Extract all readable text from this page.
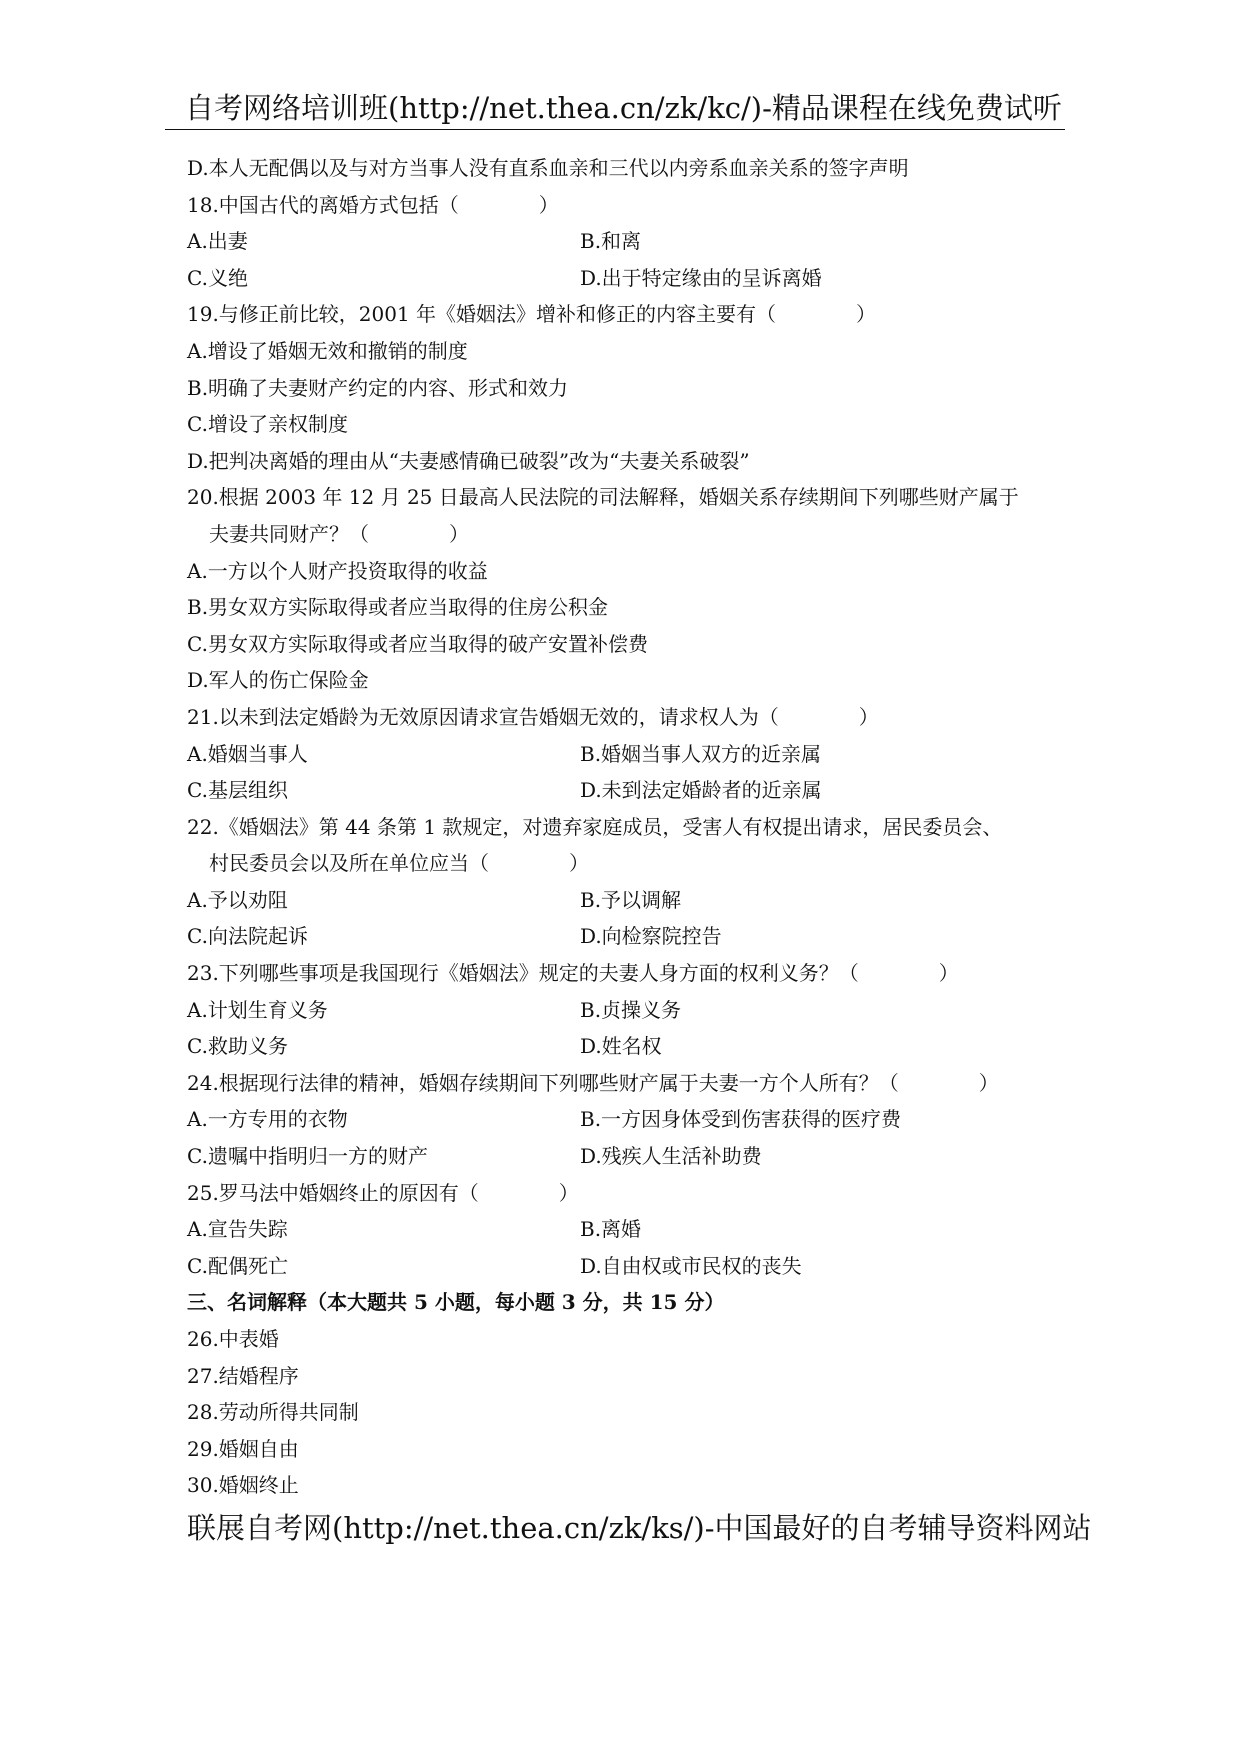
自考网络培训班(http://net.thea.cn/zk/kc/)-精品课程在线免费试听
D.本人无配偶以及与对方当事人没有直系血亲和三代以内旁系血亲关系的签字声明
18.中国古代的离婚方式包括（　　　　）
A.出妻	B.和离
C.义绝	D.出于特定缘由的呈诉离婚
19.与修正前比较，2001 年《婚姻法》增补和修正的内容主要有（　　　　）
A.增设了婚姻无效和撤销的制度
B.明确了夫妻财产约定的内容、形式和效力
C.增设了亲权制度
D.把判决离婚的理由从“夫妻感情确已破裂”改为“夫妻关系破裂”
20.根据 2003 年 12 月 25 日最高人民法院的司法解释，婚姻关系存续期间下列哪些财产属于
夫妻共同财产？（　　　　）
A.一方以个人财产投资取得的收益
B.男女双方实际取得或者应当取得的住房公积金
C.男女双方实际取得或者应当取得的破产安置补偿费
D.军人的伤亡保险金
21.以未到法定婚龄为无效原因请求宣告婚姻无效的，请求权人为（　　　　）
A.婚姻当事人	B.婚姻当事人双方的近亲属
C.基层组织	D.未到法定婚龄者的近亲属
22.《婚姻法》第 44 条第 1 款规定，对遗弃家庭成员，受害人有权提出请求，居民委员会、
村民委员会以及所在单位应当（　　　　）
A.予以劝阻	B.予以调解
C.向法院起诉	D.向检察院控告
23.下列哪些事项是我国现行《婚姻法》规定的夫妻人身方面的权利义务？（　　　　）
A.计划生育义务	B.贞操义务
C.救助义务	D.姓名权
24.根据现行法律的精神，婚姻存续期间下列哪些财产属于夫妻一方个人所有？（　　　　）
A.一方专用的衣物	B.一方因身体受到伤害获得的医疗费
C.遗嘱中指明归一方的财产	D.残疾人生活补助费
25.罗马法中婚姻终止的原因有（　　　　）
A.宣告失踪	B.离婚
C.配偶死亡	D.自由权或市民权的丧失
三、名词解释（本大题共 5 小题，每小题 3 分，共 15 分）
26.中表婚
27.结婚程序
28.劳动所得共同制
29.婚姻自由
30.婚姻终止
联展自考网(http://net.thea.cn/zk/ks/)-中国最好的自考辅导资料网站
